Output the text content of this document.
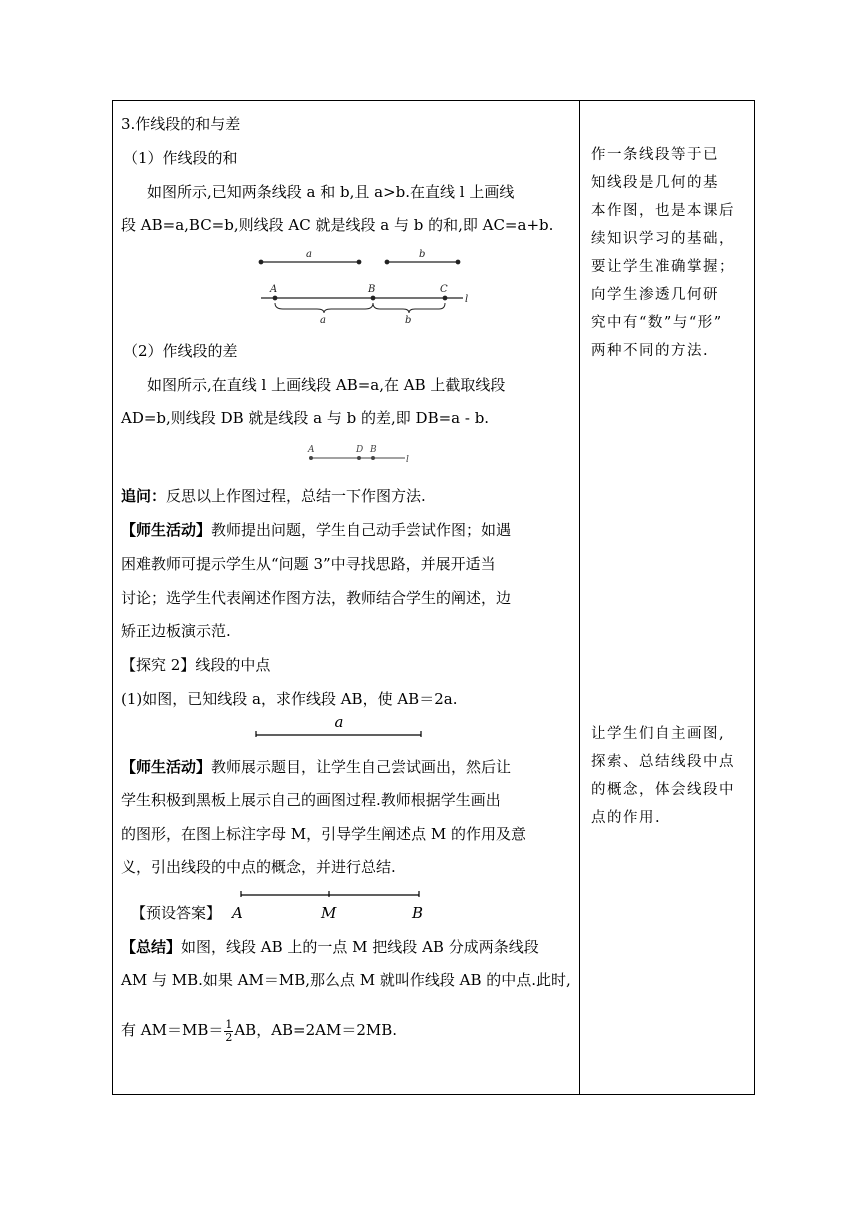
3.作线段的和与差
（1）作线段的和
如图所示,已知两条线段 a 和 b,且 a>b.在直线 l 上画线
段 AB=a,BC=b,则线段 AC 就是线段 a 与 b 的和,即 AC=a+b.
a	b
A	B	C
l
a	b
（2）作线段的差
如图所示,在直线 l 上画线段 AB=a,在 AB 上截取线段
AD=b,则线段 DB 就是线段 a 与 b 的差,即 DB=a - b.
A	D B
l
追问：反思以上作图过程，总结一下作图方法.
【师生活动】教师提出问题，学生自己动手尝试作图；如遇
困难教师可提示学生从“问题 3”中寻找思路，并展开适当
讨论；选学生代表阐述作图方法，教师结合学生的阐述，边
矫正边板演示范.
【探究 2】线段的中点
(1)如图，已知线段 a，求作线段 AB，使 AB＝2a.
a
【师生活动】教师展示题目，让学生自己尝试画出，然后让
学生积极到黑板上展示自己的画图过程.教师根据学生画出
的图形，在图上标注字母 M，引导学生阐述点 M 的作用及意
义，引出线段的中点的概念，并进行总结.
【预设答案】 A	M	B
【总结】如图，线段 AB 上的一点 M 把线段 AB 分成两条线段
AM 与 MB.如果 AM＝MB,那么点 M 就叫作线段 AB 的中点.此时,
有 $AM=MB= \frac{1}{2}$ AB，AB=2AM＝2MB.
作一条线段等于已
知线段是几何的基
本作图，也是本课后
续知识学习的基础，
要让学生准确掌握；
向学生渗透几何研
究中有“数”与“形”
两种不同的方法.
让学生们自主画图,
探索、总结线段中点
的概念，体会线段中
点的作用.
